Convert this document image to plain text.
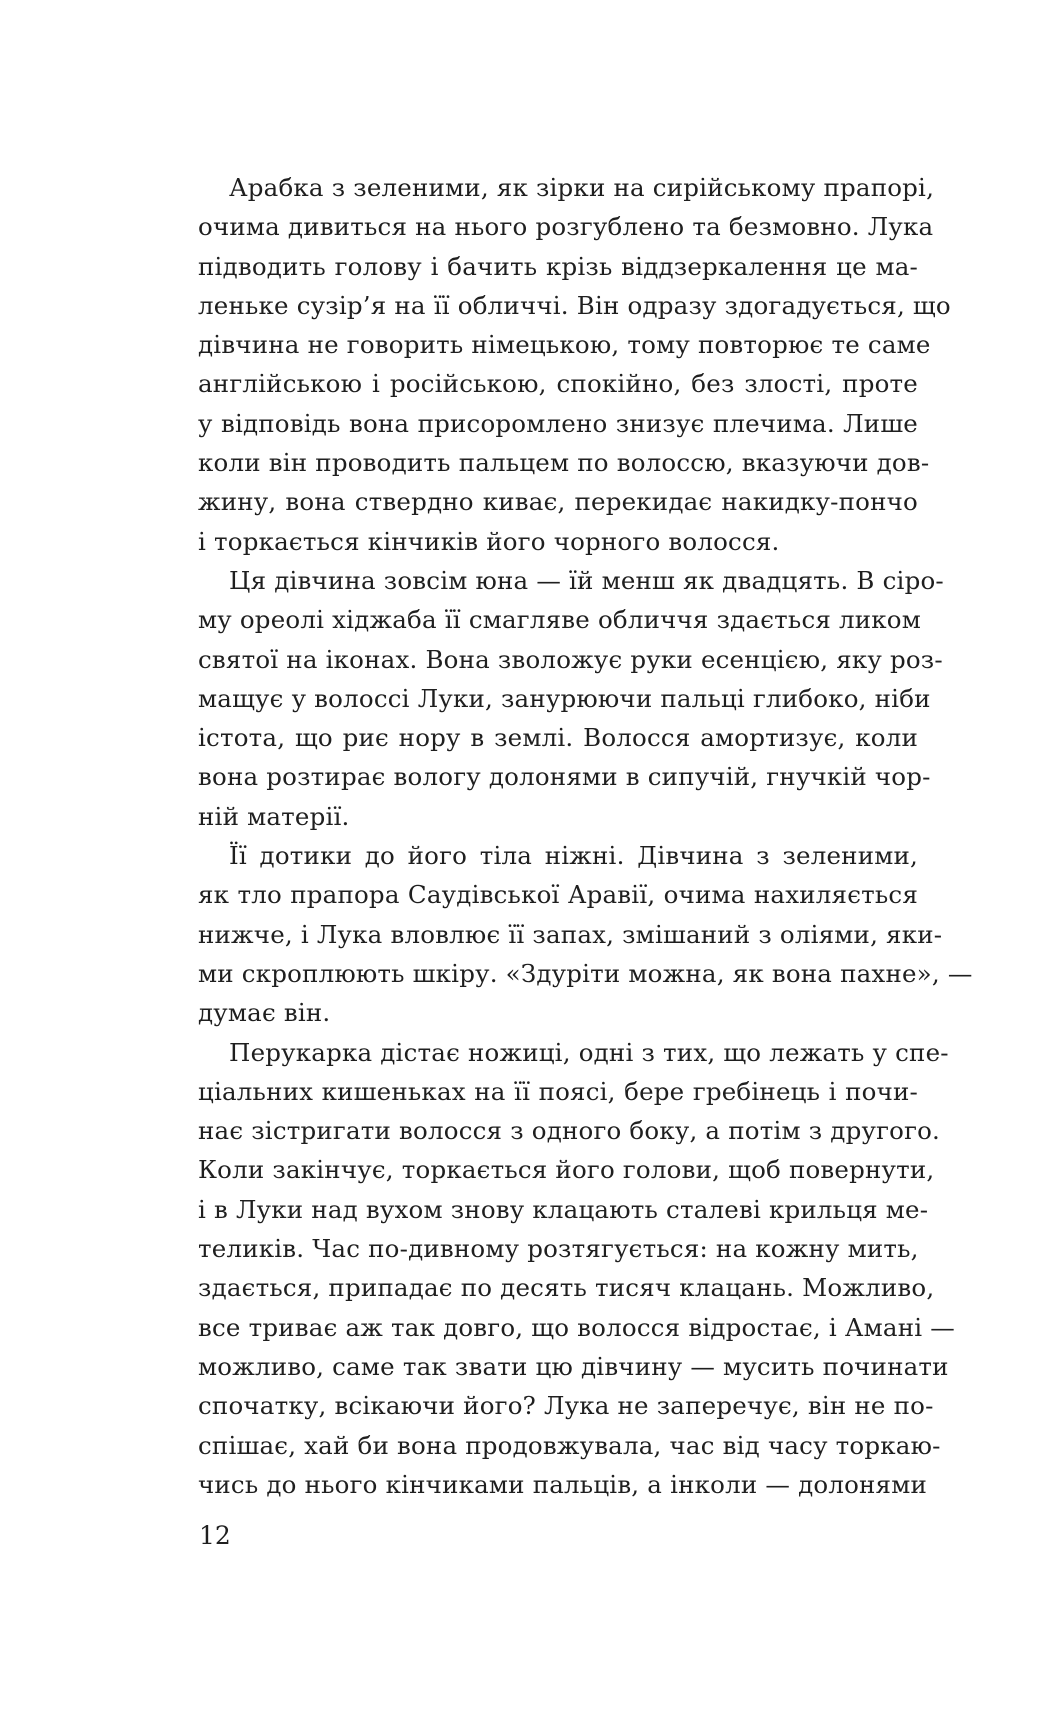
Арабка з зеленими, як зірки на сирійському прапорі,
очима дивиться на нього розгублено та безмовно. Лука
підводить голову і бачить крізь віддзеркалення це ма-
леньке сузір’я на її обличчі. Він одразу здогадується, що
дівчина не говорить німецькою, тому повторює те саме
англійською і російською, спокійно, без злості, проте
у відповідь вона присоромлено знизує плечима. Лише
коли він проводить пальцем по волоссю, вказуючи дов-
жину, вона ствердно киває, перекидає накидку-пончо
і торкається кінчиків його чорного волосся.
Ця дівчина зовсім юна — їй менш як двадцять. В сіро-
му ореолі хіджаба її смагляве обличчя здається ликом
святої на іконах. Вона зволожує руки есенцією, яку роз-
мащує у волоссі Луки, занурюючи пальці глибоко, ніби
істота, що риє нору в землі. Волосся амортизує, коли
вона розтирає вологу долонями в сипучій, гнучкій чор-
ній матерії.
Її дотики до його тіла ніжні. Дівчина з зеленими,
як тло прапора Саудівської Аравії, очима нахиляється
нижче, і Лука вловлює її запах, змішаний з оліями, яки-
ми скроплюють шкіру. «Здуріти можна, як вона пахне», —
думає він.
Перукарка дістає ножиці, одні з тих, що лежать у спе-
ціальних кишеньках на її поясі, бере гребінець і почи-
нає зістригати волосся з одного боку, а потім з другого.
Коли закінчує, торкається його голови, щоб повернути,
і в Луки над вухом знову клацають сталеві крильця ме-
теликів. Час по-дивному розтягується: на кожну мить,
здається, припадає по десять тисяч клацань. Можливо,
все триває аж так довго, що волосся відростає, і Амані —
можливо, саме так звати цю дівчину — мусить починати
спочатку, всікаючи його? Лука не заперечує, він не по-
спішає, хай би вона продовжувала, час від часу торкаю-
чись до нього кінчиками пальців, а інколи — долонями
12
